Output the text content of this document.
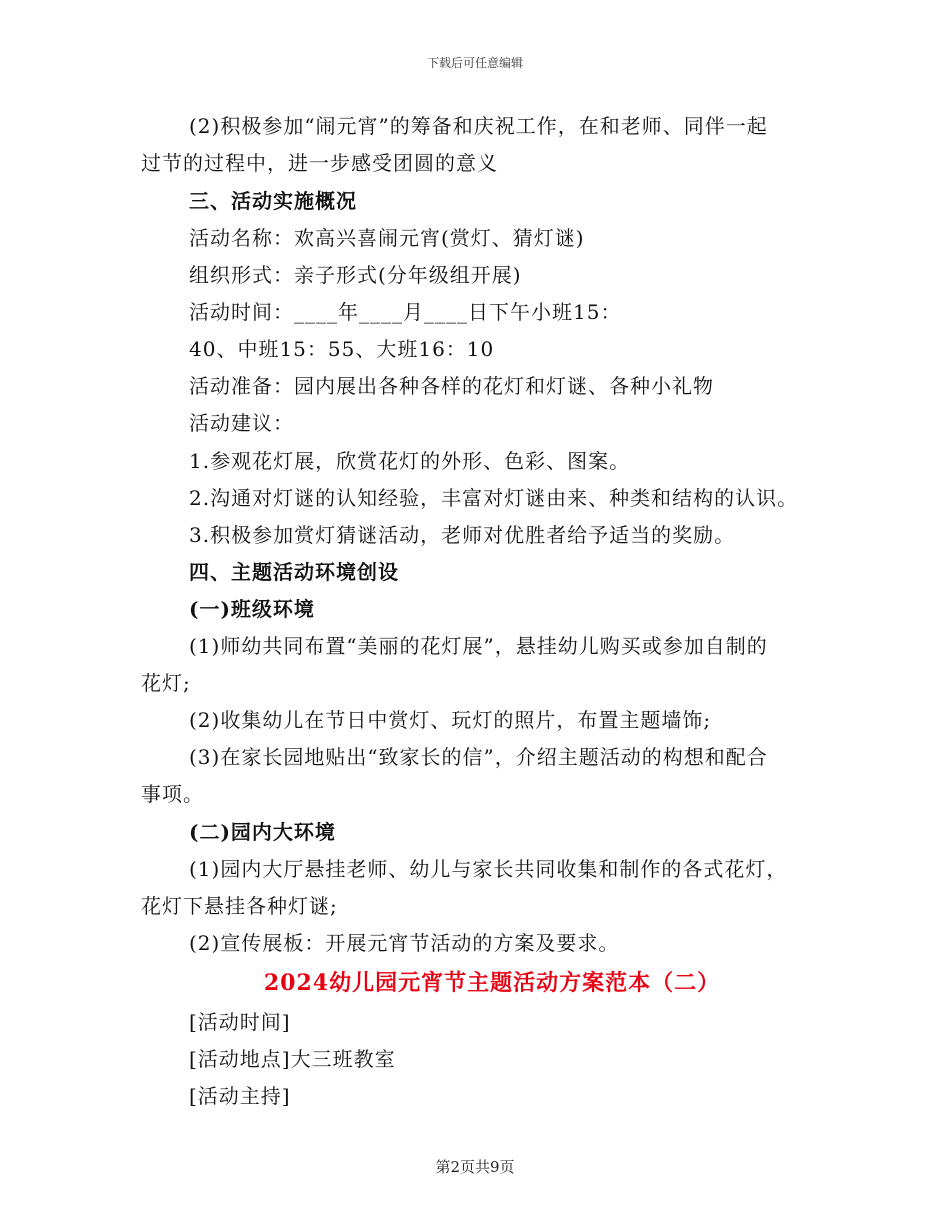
下载后可任意编辑
(2)积极参加“闹元宵”的筹备和庆祝工作，在和老师、同伴一起
过节的过程中，进一步感受团圆的意义
三、活动实施概况
活动名称：欢高兴喜闹元宵(赏灯、猜灯谜)
组织形式：亲子形式(分年级组开展)
活动时间：____年____月____日下午小班15：
40、中班15：55、大班16：10
活动准备：园内展出各种各样的花灯和灯谜、各种小礼物
活动建议：
1.参观花灯展，欣赏花灯的外形、色彩、图案。
2.沟通对灯谜的认知经验，丰富对灯谜由来、种类和结构的认识。
3.积极参加赏灯猜谜活动，老师对优胜者给予适当的奖励。
四、主题活动环境创设
(一)班级环境
(1)师幼共同布置“美丽的花灯展”，悬挂幼儿购买或参加自制的
花灯;
(2)收集幼儿在节日中赏灯、玩灯的照片，布置主题墙饰;
(3)在家长园地贴出“致家长的信”，介绍主题活动的构想和配合
事项。
(二)园内大环境
(1)园内大厅悬挂老师、幼儿与家长共同收集和制作的各式花灯，
花灯下悬挂各种灯谜;
(2)宣传展板：开展元宵节活动的方案及要求。
2024幼儿园元宵节主题活动方案范本（二）
[活动时间]
[活动地点]大三班教室
[活动主持]
第2页共9页
